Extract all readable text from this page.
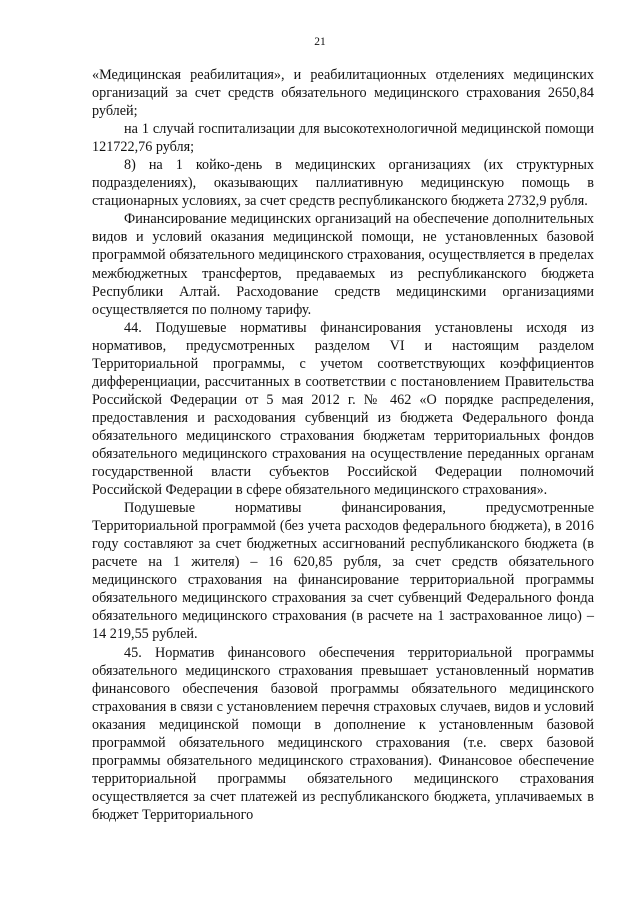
21

«Медицинская реабилитация», и реабилитационных отделениях медицинских организаций за счет средств обязательного медицинского страхования 2650,84 рублей;

на 1 случай госпитализации для высокотехнологичной медицинской помощи 121722,76 рубля;

8) на 1 койко-день в медицинских организациях (их структурных подразделениях), оказывающих паллиативную медицинскую помощь в стационарных условиях, за счет средств республиканского бюджета 2732,9 рубля.

Финансирование медицинских организаций на обеспечение дополнительных видов и условий оказания медицинской помощи, не установленных базовой программой обязательного медицинского страхования, осуществляется в пределах межбюджетных трансфертов, предаваемых из республиканского бюджета Республики Алтай. Расходование средств медицинскими организациями осуществляется по полному тарифу.

44. Подушевые нормативы финансирования установлены исходя из нормативов, предусмотренных разделом VI и настоящим разделом Территориальной программы, с учетом соответствующих коэффициентов дифференциации, рассчитанных в соответствии с постановлением Правительства Российской Федерации от 5 мая 2012 г. № 462 «О порядке распределения, предоставления и расходования субвенций из бюджета Федерального фонда обязательного медицинского страхования бюджетам территориальных фондов обязательного медицинского страхования на осуществление переданных органам государственной власти субъектов Российской Федерации полномочий Российской Федерации в сфере обязательного медицинского страхования».

Подушевые нормативы финансирования, предусмотренные Территориальной программой (без учета расходов федерального бюджета), в 2016 году составляют за счет бюджетных ассигнований республиканского бюджета (в расчете на 1 жителя) – 16 620,85 рубля, за счет средств обязательного медицинского страхования на финансирование территориальной программы обязательного медицинского страхования за счет субвенций Федерального фонда обязательного медицинского страхования (в расчете на 1 застрахованное лицо) – 14 219,55 рублей.

45. Норматив финансового обеспечения территориальной программы обязательного медицинского страхования превышает установленный норматив финансового обеспечения базовой программы обязательного медицинского страхования в связи с установлением перечня страховых случаев, видов и условий оказания медицинской помощи в дополнение к установленным базовой программой обязательного медицинского страхования (т.е. сверх базовой программы обязательного медицинского страхования). Финансовое обеспечение территориальной программы обязательного медицинского страхования осуществляется за счет платежей из республиканского бюджета, уплачиваемых в бюджет Территориального
